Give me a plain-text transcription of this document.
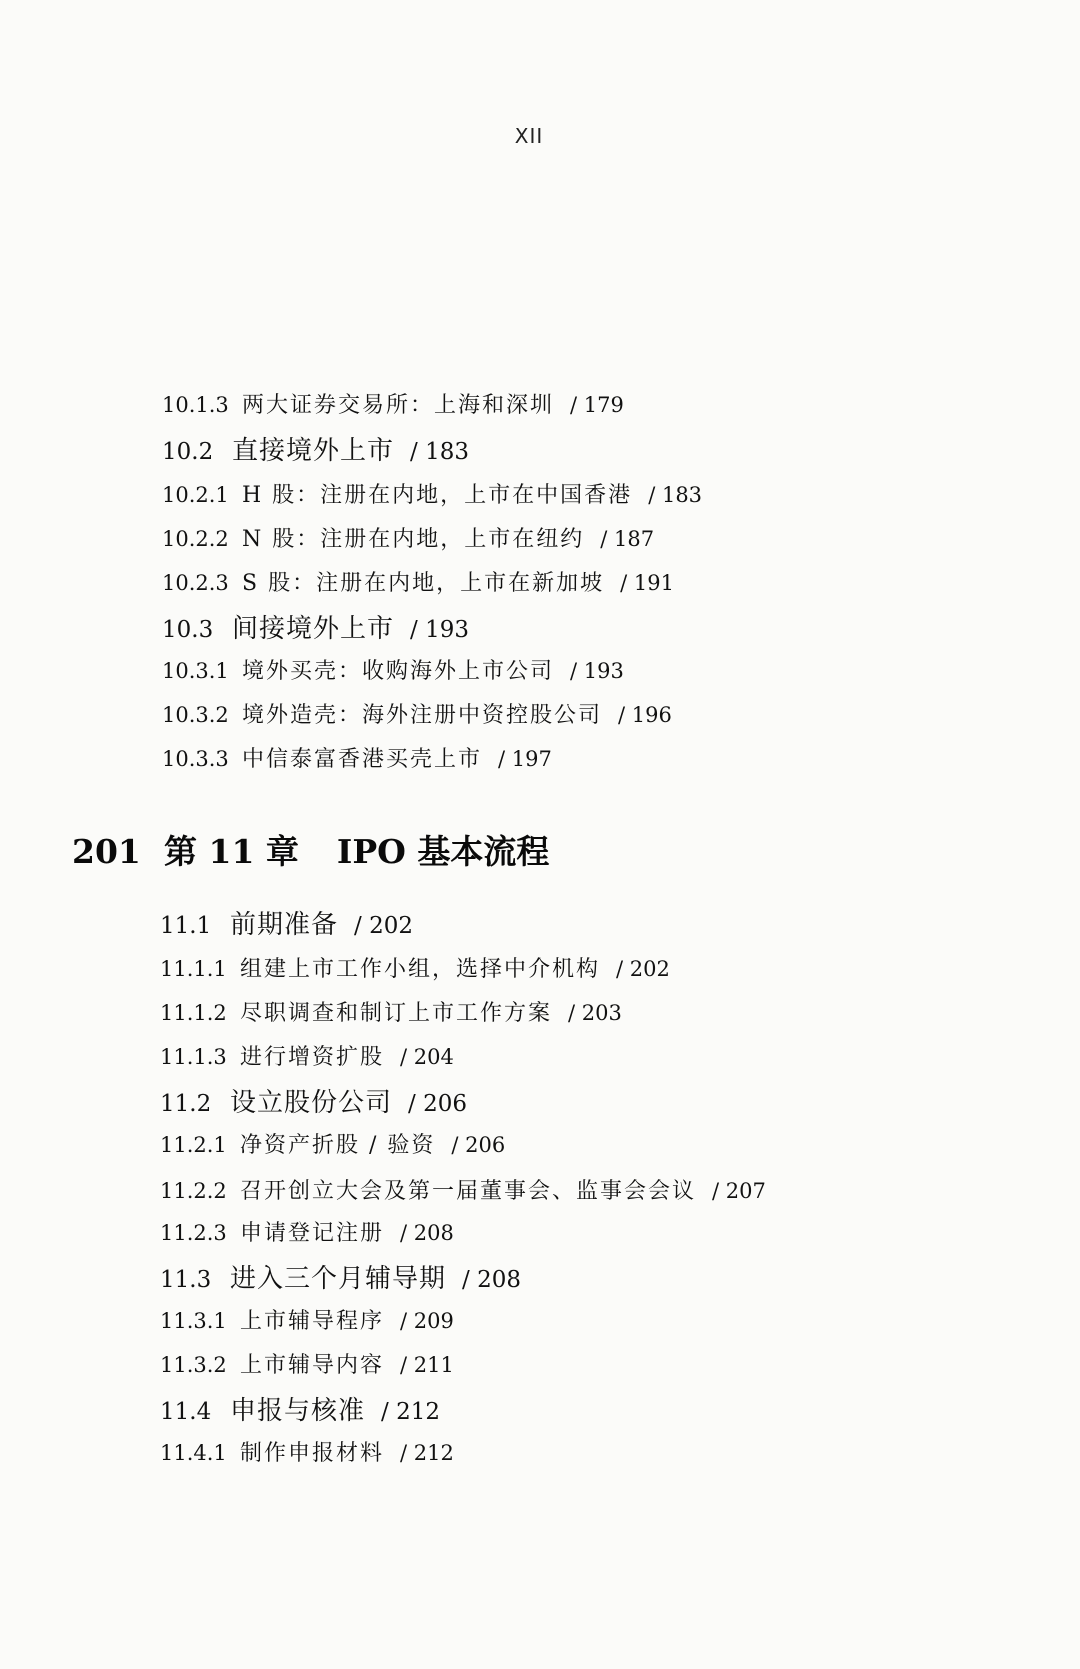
XII
10.1.3 两大证券交易所：上海和深圳	/ 179
10.2 直接境外上市	/ 183
10.2.1 H 股：注册在内地，上市在中国香港	/ 183
10.2.2 N 股：注册在内地，上市在纽约	/ 187
10.2.3 S 股：注册在内地，上市在新加坡	/ 191
10.3 间接境外上市	/ 193
10.3.1 境外买壳：收购海外上市公司	/ 193
10.3.2 境外造壳：海外注册中资控股公司	/ 196
10.3.3 中信泰富香港买壳上市	/ 197
201 第 11 章 IPO 基本流程
11.1 前期准备	/ 202
11.1.1 组建上市工作小组，选择中介机构	/ 202
11.1.2 尽职调查和制订上市工作方案	/ 203
11.1.3 进行增资扩股	/ 204
11.2 设立股份公司	/ 206
11.2.1 净资产折股 / 验资	/ 206
11.2.2 召开创立大会及第一届董事会、监事会会议	/ 207
11.2.3 申请登记注册	/ 208
11.3 进入三个月辅导期	/ 208
11.3.1 上市辅导程序	/ 209
11.3.2 上市辅导内容	/ 211
11.4 申报与核准	/ 212
11.4.1 制作申报材料	/ 212
